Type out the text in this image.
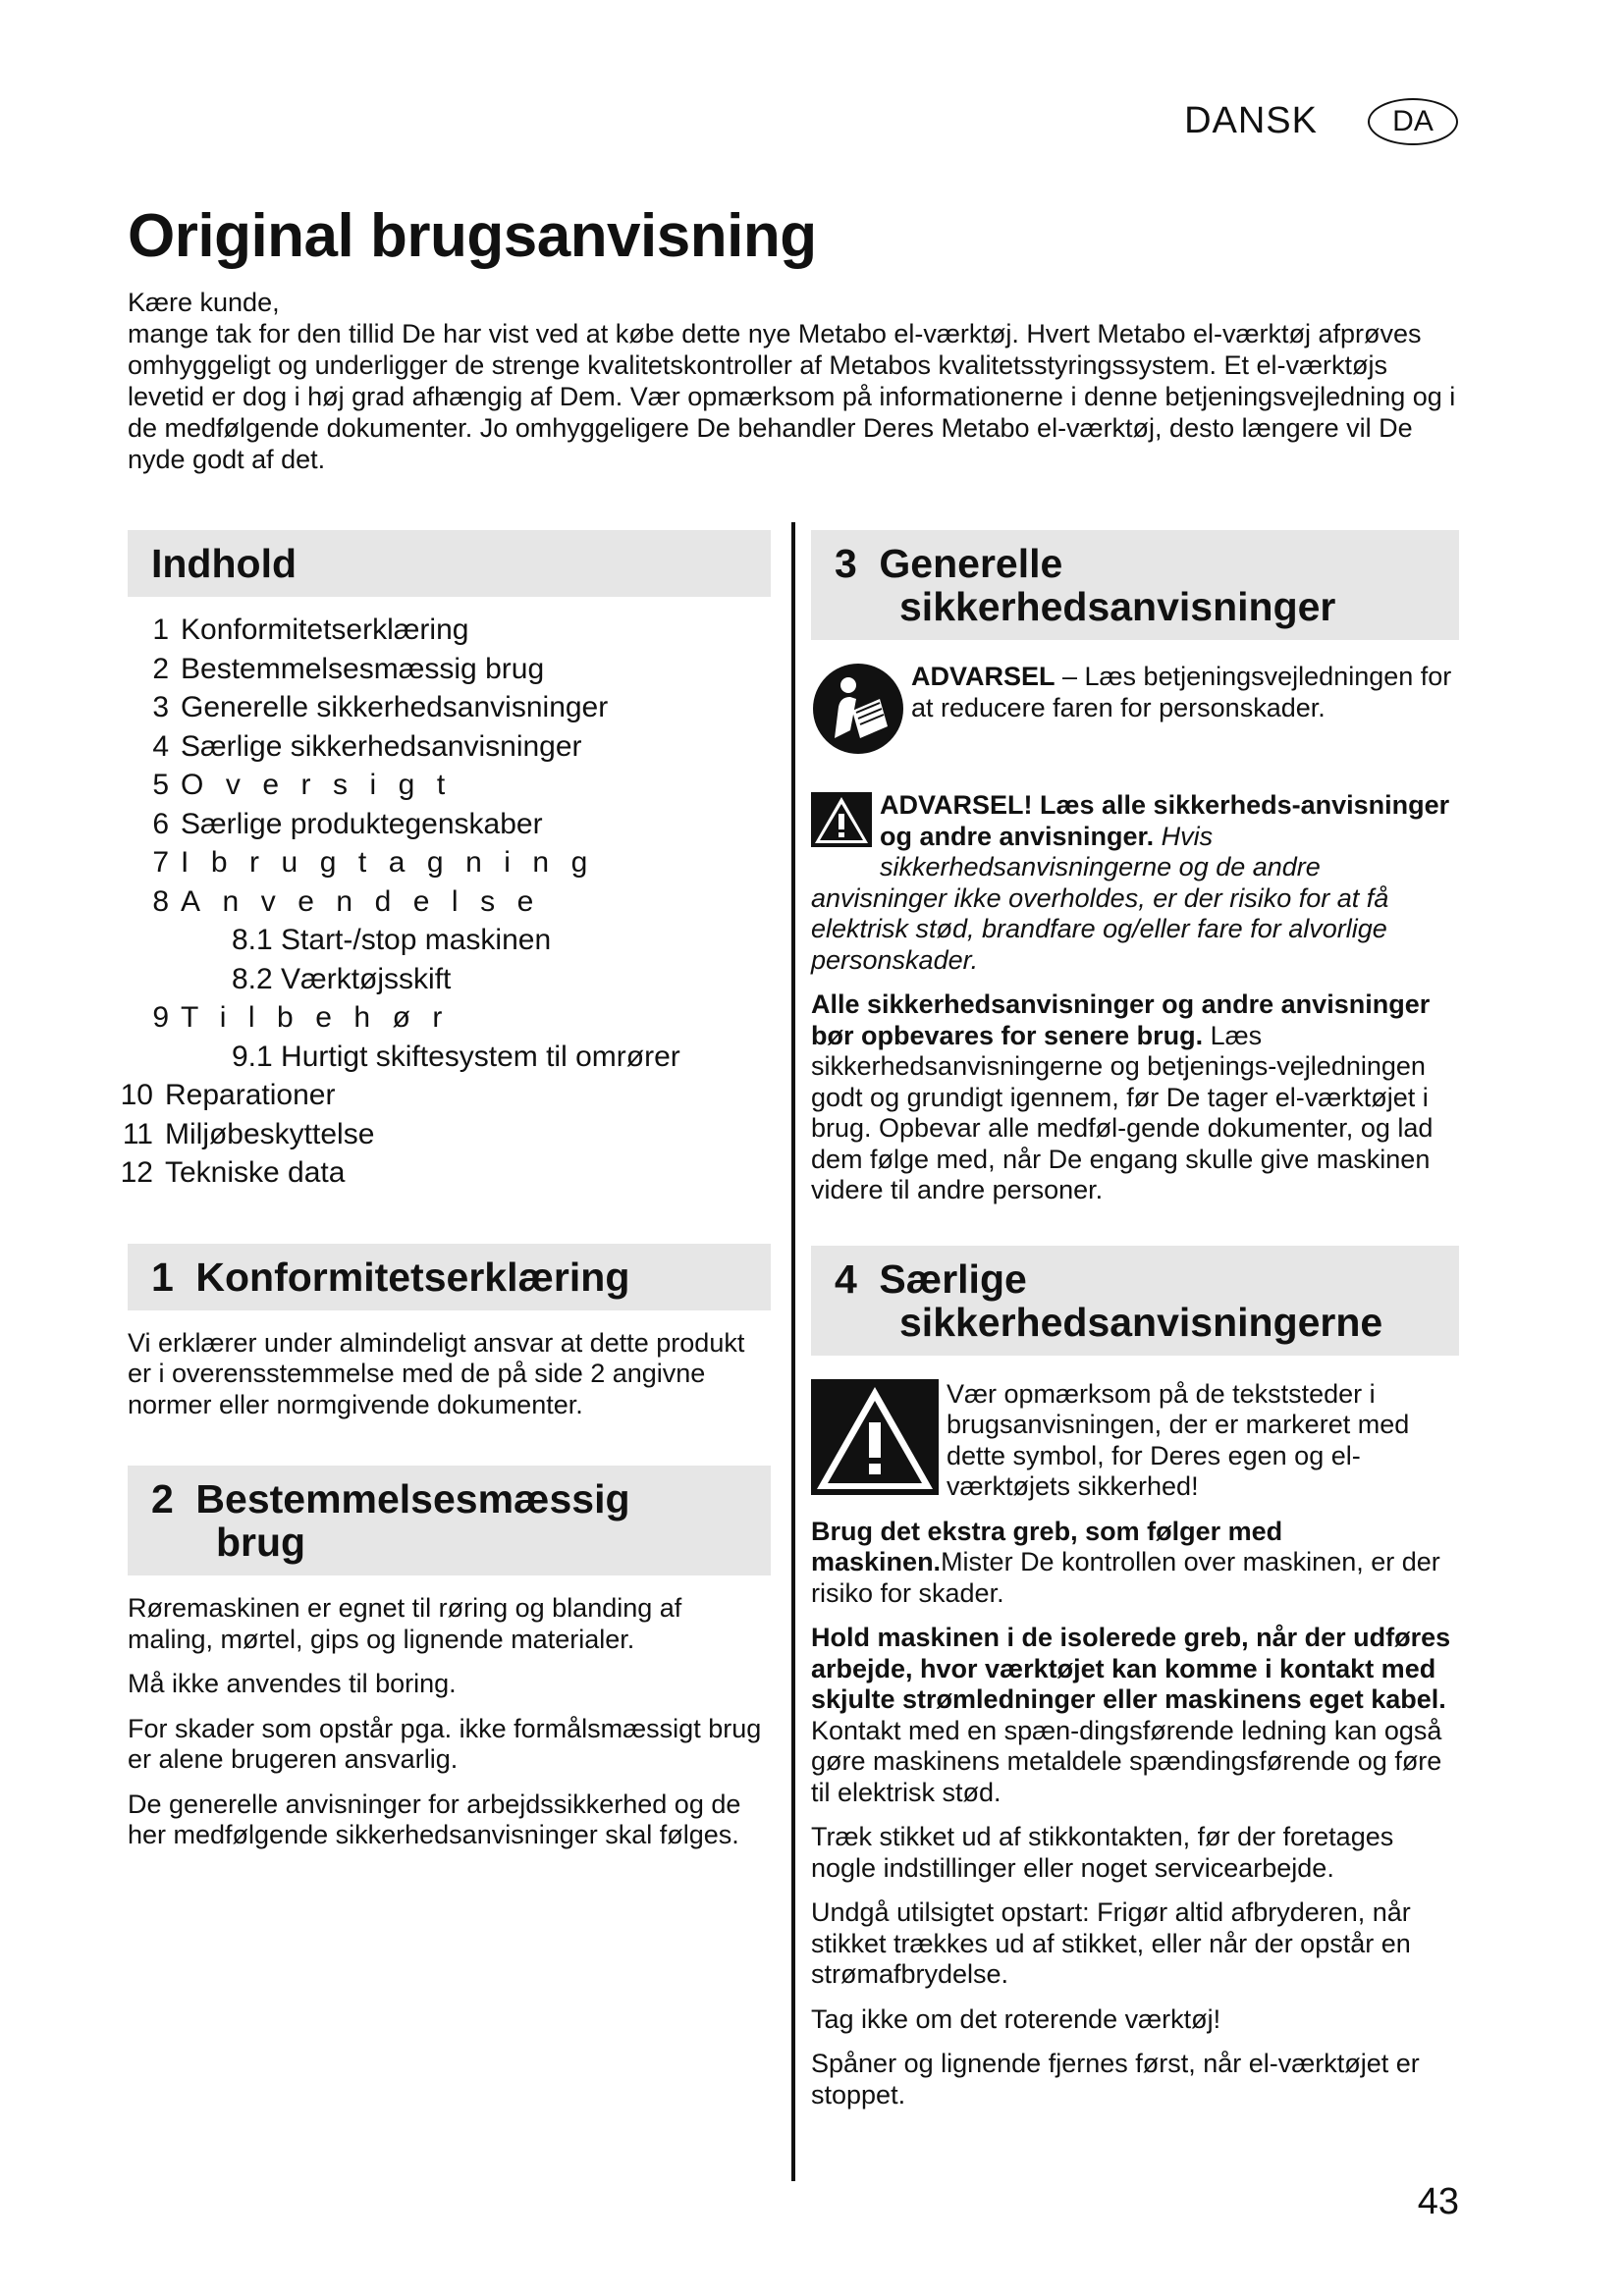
DANSK	DA
Original brugsanvisning

Kære kunde,

mange tak for den tillid De har vist ved at købe dette nye Metabo el-værktøj. Hvert Metabo el-værktøj afprøves omhyggeligt og underligger de strenge kvalitetskontroller af Metabos kvalitetsstyringssystem. Et el-værktøjs levetid er dog i høj grad afhængig af Dem. Vær opmærksom på informationerne i denne betjeningsvejledning og i de medfølgende dokumenter. Jo omhyggeligere De behandler Deres Metabo el-værktøj, desto længere vil De nyde godt af det.

Indhold
1 Konformitetserklæring
2 Bestemmelsesmæssig brug
3 Generelle sikkerhedsanvisninger
4 Særlige sikkerhedsanvisninger
5 Oversigt
6 Særlige produktegenskaber
7 Ibrugtagning
8 Anvendelse
8.1 Start-/stop maskinen
8.2 Værktøjsskift
9 Tilbehør
9.1 Hurtigt skiftesystem til omrører
10 Reparationer
11 Miljøbeskyttelse
12 Tekniske data
1 Konformitetserklæring

Vi erklærer under almindeligt ansvar at dette produkt er i overensstemmelse med de på side 2 angivne normer eller normgivende dokumenter.

2 Bestemmelsesmæssig
brug

Røremaskinen er egnet til røring og blanding af maling, mørtel, gips og lignende materialer.

Må ikke anvendes til boring.

For skader som opstår pga. ikke formålsmæssigt brug er alene brugeren ansvarlig.

De generelle anvisninger for arbejdssikkerhed og de her medfølgende sikkerhedsanvisninger skal følges.

3 Generelle
sikkerhedsanvisninger
ADVARSEL – Læs betjeningsvejledningen for at reducere faren for personskader.

ADVARSEL! Læs alle sikkerheds-anvisninger og andre anvisninger. Hvis sikkerhedsanvisningerne og de andre anvisninger ikke overholdes, er der risiko for at få elektrisk stød, brandfare og/eller fare for alvorlige personskader.

Alle sikkerhedsanvisninger og andre anvisninger bør opbevares for senere brug. Læs sikkerhedsanvisningerne og betjenings-vejledningen godt og grundigt igennem, før De tager el-værktøjet i brug. Opbevar alle medføl-gende dokumenter, og lad dem følge med, når De engang skulle give maskinen videre til andre personer.

4 Særlige
sikkerhedsanvisningerne
Vær opmærksom på de tekststeder i brugsanvisningen, der er markeret med dette symbol, for Deres egen og el-værktøjets sikkerhed!

Brug det ekstra greb, som følger med maskinen.Mister De kontrollen over maskinen, er der risiko for skader.

Hold maskinen i de isolerede greb, når der udføres arbejde, hvor værktøjet kan komme i kontakt med skjulte strømledninger eller maskinens eget kabel. Kontakt med en spæn-dingsførende ledning kan også gøre maskinens metaldele spændingsførende og føre til elektrisk stød.

Træk stikket ud af stikkontakten, før der foretages nogle indstillinger eller noget servicearbejde.

Undgå utilsigtet opstart: Frigør altid afbryderen, når stikket trækkes ud af stikket, eller når der opstår en strømafbrydelse.

Tag ikke om det roterende værktøj!

Spåner og lignende fjernes først, når el-værktøjet er stoppet.

43
